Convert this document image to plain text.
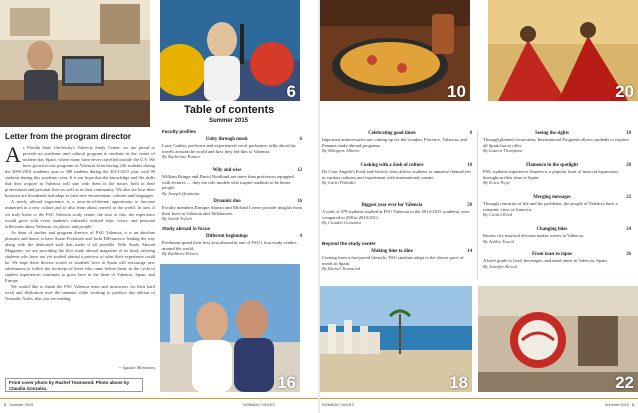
6
Table of contents
Summer 2015
Faculty profiles
Unity through music	6
Larry Garbar, professor and experienced vocal performer, talks about his travels around the world and how they led him to Valencia.
By Katherine Kanter
Wily and wise	12
William Bringe and David Nordlund are more than professors equipped with lectures — they are role models who inspire students to be better people.
By Joseph Quintana
Dynamic duo	16
Faculty members Enrique Alonzo and Michael Lerner provide insights from their lives in Valencia and Tallahassee.
By Sarah Tolsen
Study abroad in focus
Different beginnings	4
Freshman spend their first year abroad in one of FSU's four study centers around the world.
By Kathleen Kostos
16
Letter from the program director

As Florida State University's Valencia Study Center, we are proud to provide an academic and cultural program to students in the center of modern-day Spain, where many have never travelled outside the U.S. We have grown in our programs in Valencia from having 246 students during the 2009-2010 academic year to 388 students during the 2014-2015 year, with 99 students during this academic year. It is our hope that the knowledge and life skills that they acquire in Valencia will stay with them in the future, both in their professional and personal lives as well as in their community. We also see how their horizons are broadened and adapt to their new environment, cultures and languages.

A newly abroad experience is a once-in-a-lifetime opportunity to become immersed in a new culture and to also learn about oneself in the world. In turn, if we truly listen to the FSU Valencia study center, the start of this, the experience would grow with every student's culturally infused trips, views, and personal reflections about Valencia, its places, and people.

As dean of studies and program director of FSU Valencia, it is an absolute pleasure and honor to have Susan Fortunato and Jacki DiFrancisco leading the way along with the dedicated staff that make it all possible. With Study Abroad Magazine, we are providing the first study abroad magazine of its kind, offering students who have not yet studied abroad a preview of what their experience could be. We hope these diverse stories of students' lives in Spain will encourage new adventurers to follow the footsteps of those who came before them, as the cycle of student experiences continues to grow here in the heart of Valencia, Spain, and Europe.

We would like to thank the FSU Valencia team and instructors for their hard work and dedication over the summer while working to produce this edition of Nomadic Noles, that you are reading.

~ Agustin Moratinos
Front cover photo by Rachel Townsend. Photo above by Claudia Gonzalez.
2 Summer 2015	NOMADIC NOLES
10	20
Celebrating good times	8
Important anniversaries are coming up for the London, Florence, Valencia, and Panama study abroad programs.
By Milagros Alberto
Cooking with a dash of culture	10
De Cour Angelo's Food and Society class allows students to immerse themselves in various cultures and experiment with international cuisine.
By Carla Palladio
Biggest year ever for Valencia	28
A total of 479 students studied at FSU Valencia in the 2014-2015 academic year compared to 298 in 2010/2011.
By Claudia Gonzalez
Beyond the study center
Making time to dine	14
Coming from a fast-paced lifestyle, FSU students adapt to the slower pace of meals in Spain.
By Rachel Townsend
Seeing the sights	18
Through planned excursions, International Programs allows students to explore all Spain has to offer.
By Lauren Thompson
Flamenco in the spotlight	20
FSU students experience flamenco, a popular form of musical expression, throughout their time in Spain.
By Erica Pope
Merging messages	22
Through centuries of life and his problems, the people of Valencia have a romantic view of America.
By Caitlin Reed
Changing tides	24
Recent city mayoral election makes waves in Valencia.
By Ashley Toscal
From toast to tapas	26
A brief guide to food, beverages, and meal times in Valencia, Spain.
By Jennifer Kessel
18	22
NOMADIC NOLES	Summer 2015 3
